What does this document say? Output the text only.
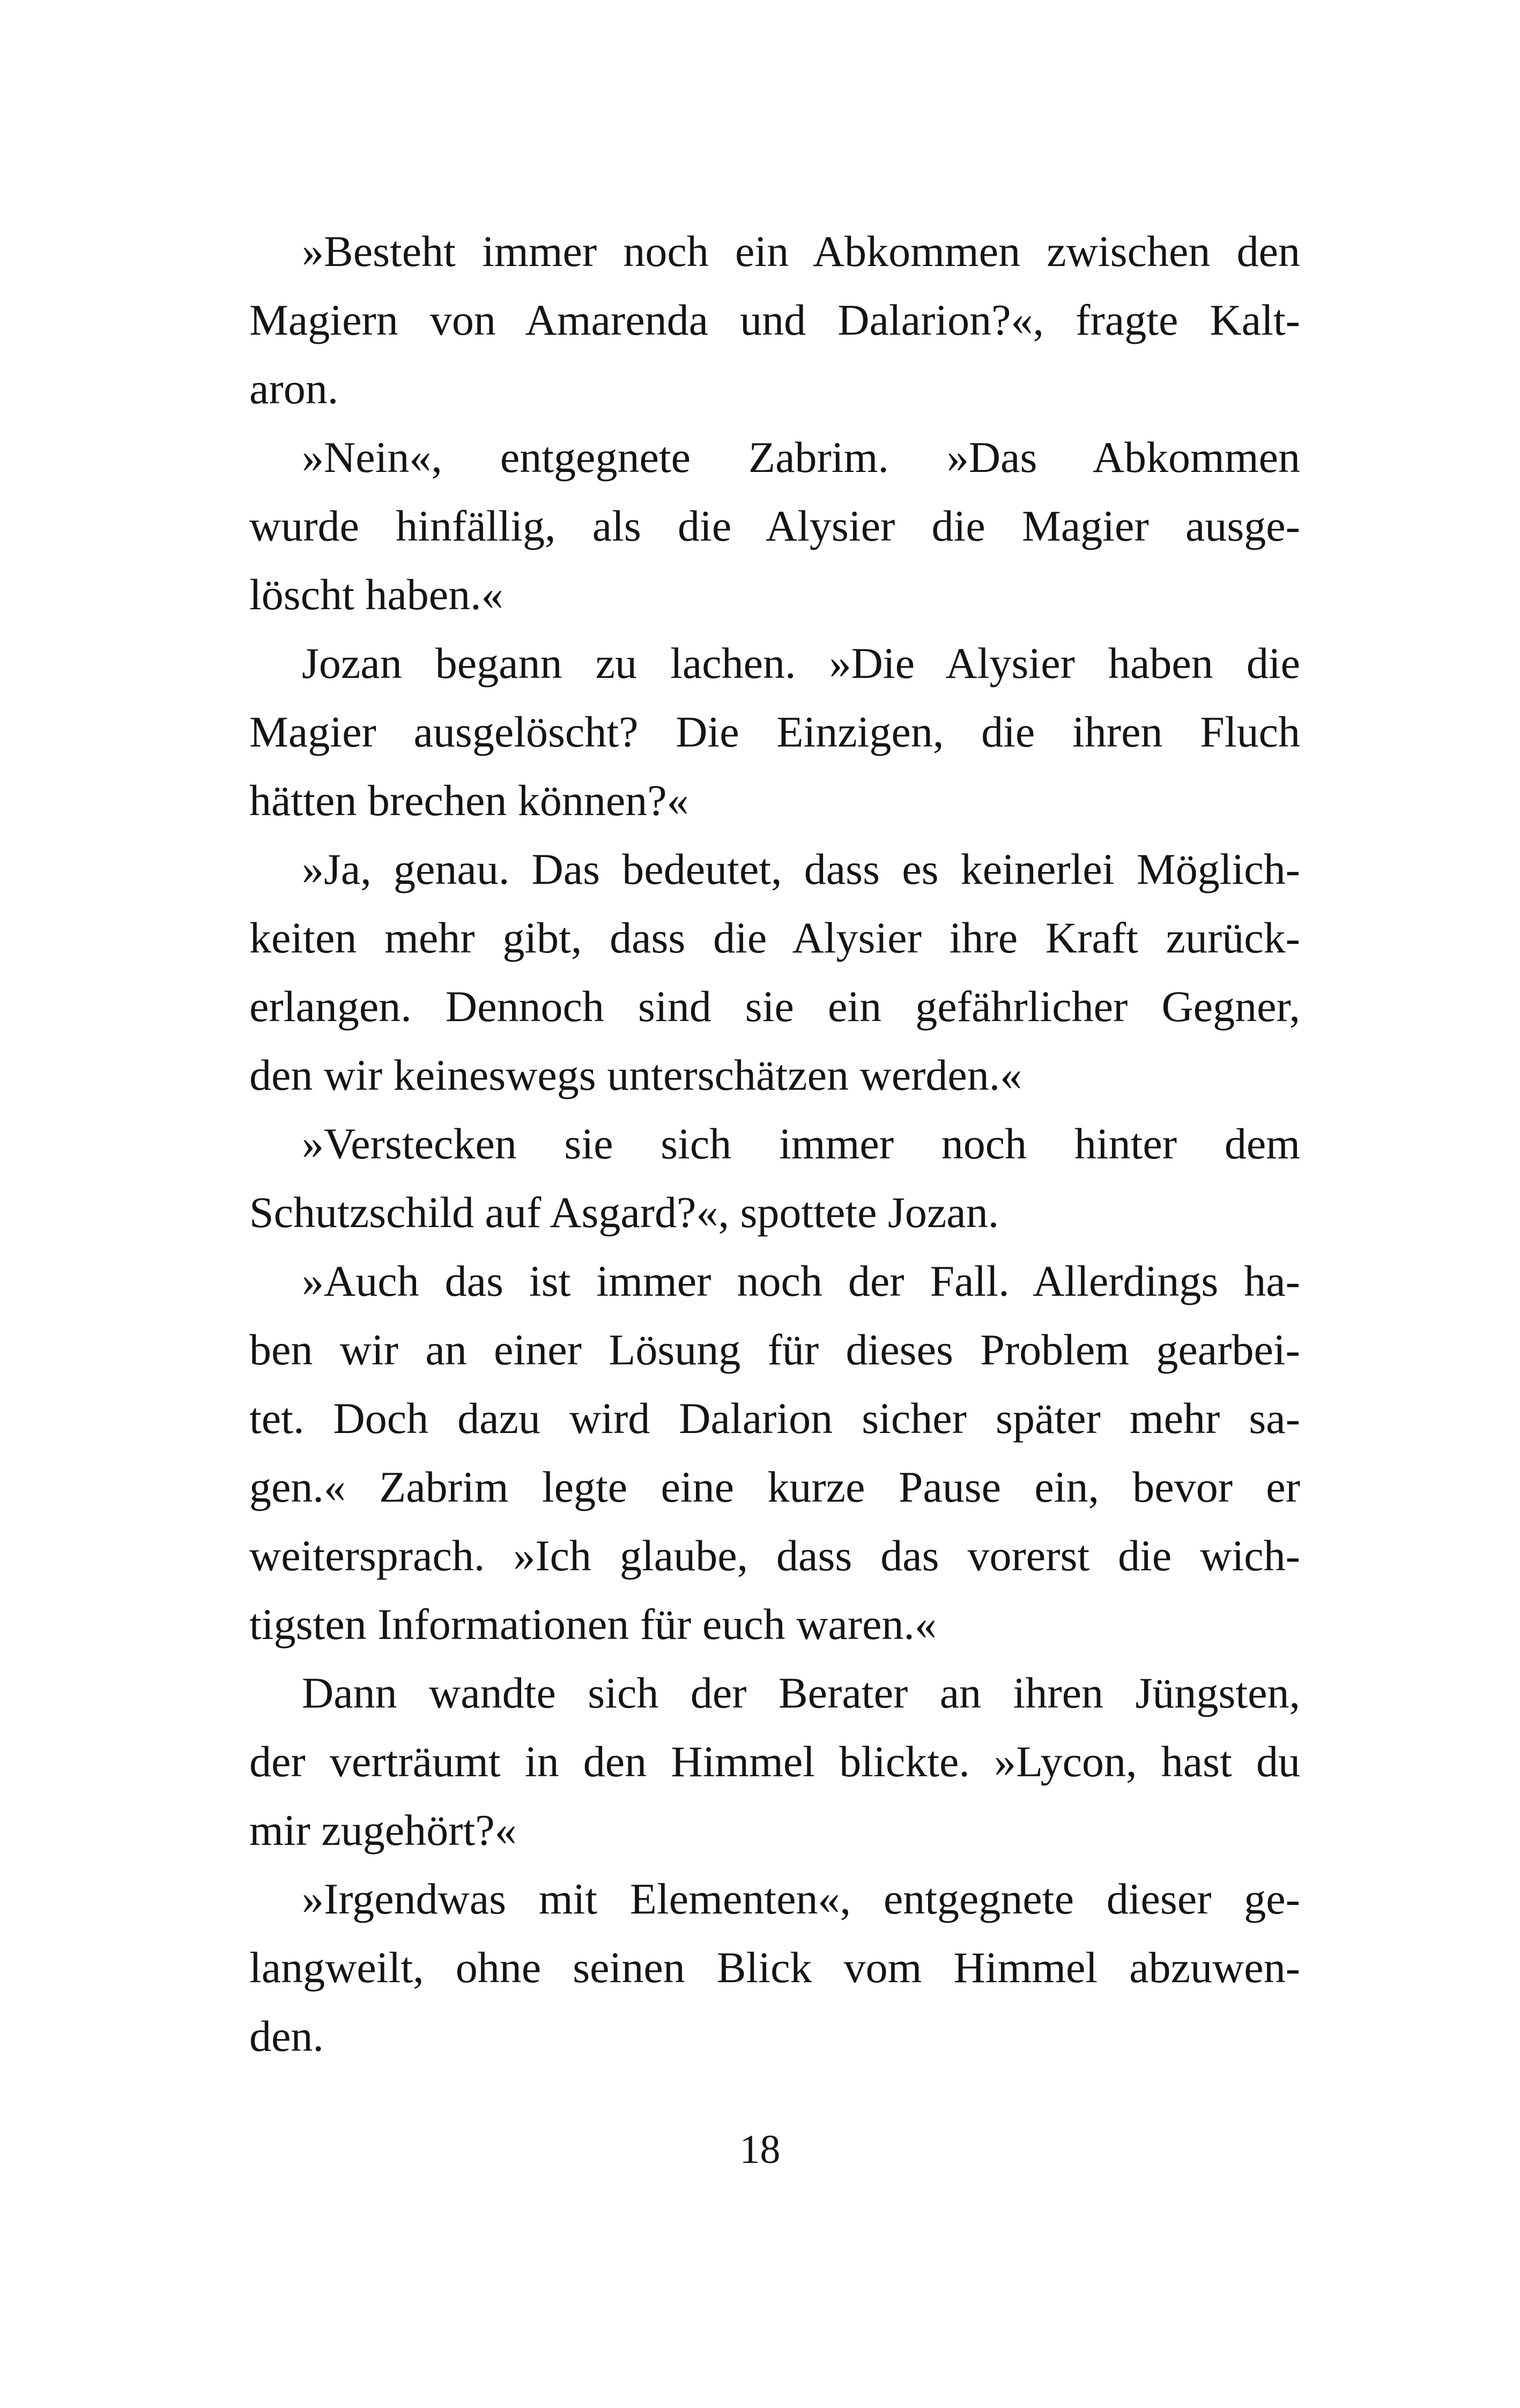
»Besteht immer noch ein Abkommen zwischen den

Magiern von Amarenda und Dalarion?«, fragte Kalt-

aron.

»Nein«, entgegnete Zabrim. »Das Abkommen

wurde hinfällig, als die Alysier die Magier ausge-

löscht haben.«

Jozan begann zu lachen. »Die Alysier haben die

Magier ausgelöscht? Die Einzigen, die ihren Fluch

hätten brechen können?«

»Ja, genau. Das bedeutet, dass es keinerlei Möglich-

keiten mehr gibt, dass die Alysier ihre Kraft zurück-

erlangen. Dennoch sind sie ein gefährlicher Gegner,

den wir keineswegs unterschätzen werden.«

»Verstecken sie sich immer noch hinter dem

Schutzschild auf Asgard?«, spottete Jozan.

»Auch das ist immer noch der Fall. Allerdings ha-

ben wir an einer Lösung für dieses Problem gearbei-

tet. Doch dazu wird Dalarion sicher später mehr sa-

gen.« Zabrim legte eine kurze Pause ein, bevor er

weitersprach. »Ich glaube, dass das vorerst die wich-

tigsten Informationen für euch waren.«

Dann wandte sich der Berater an ihren Jüngsten,

der verträumt in den Himmel blickte. »Lycon, hast du

mir zugehört?«

»Irgendwas mit Elementen«, entgegnete dieser ge-

langweilt, ohne seinen Blick vom Himmel abzuwen-

den.

18
